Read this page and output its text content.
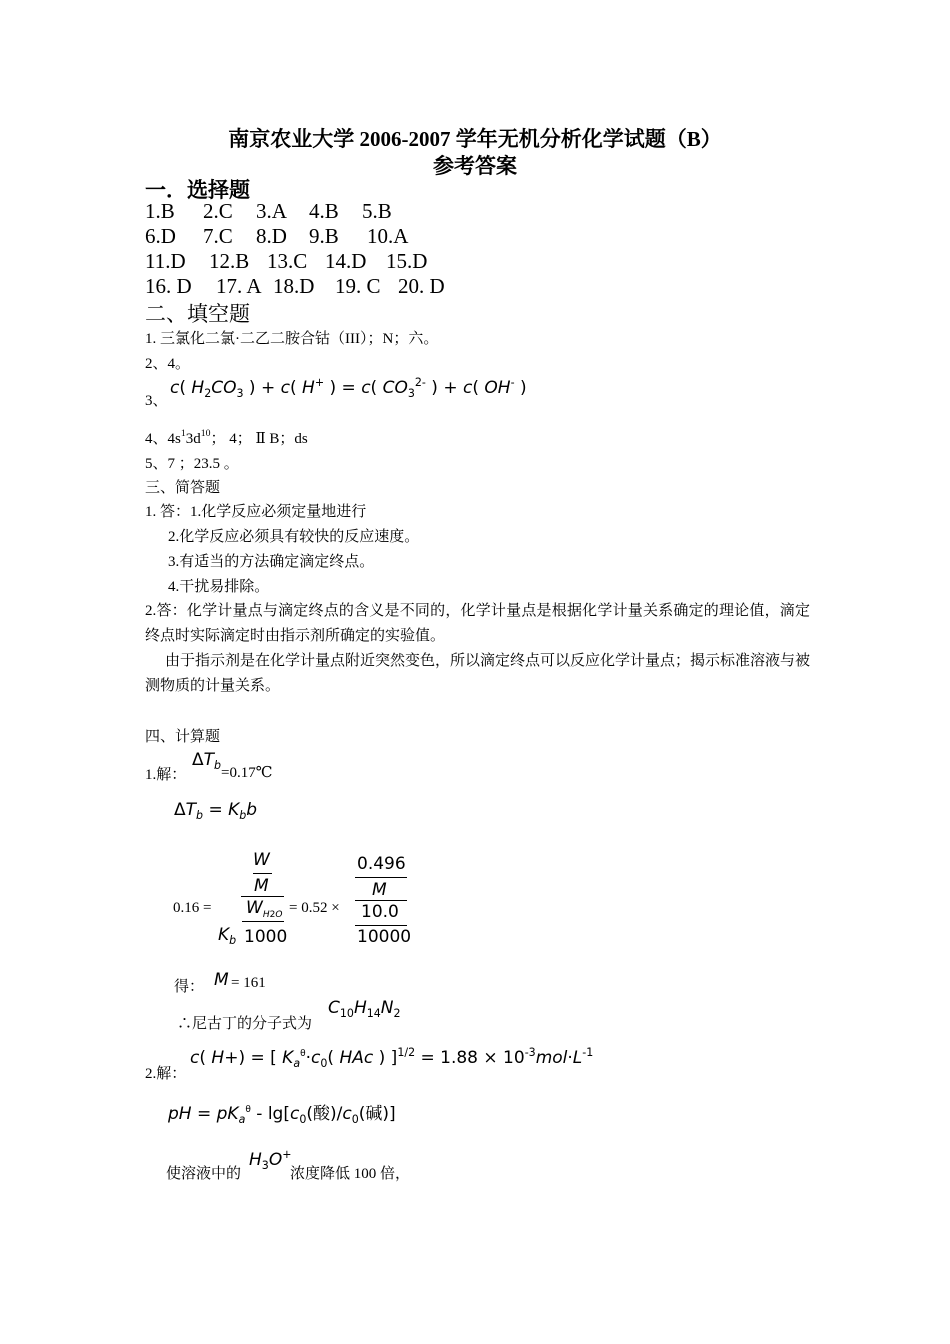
南京农业大学 2006-2007 学年无机分析化学试题（B）
参考答案
一．选择题
1.B 2.C 3.A 4.B 5.B
6.D 7.C 8.D 9.B 10.A
11.D 12.B 13.C 14.D 15.D
16. D 17. A 18.D 19. C 20. D
二、填空题
1. 三氯化二氯·二乙二胺合钴（III）；N；六。
2、4。
3、
c( $H_2CO_3$ ) + c( H+ ) = c( $CO_3^{2-}$ ) + c( OH- )
4、$4s^13d^{10}$； 4； Ⅱ B；ds
5、7 ；23.5 。
三、简答题
1. 答：1.化学反应必须定量地进行
2.化学反应必须具有较快的反应速度。
3.有适当的方法确定滴定终点。
4.干扰易排除。
2.答：化学计量点与滴定终点的含义是不同的，化学计量点是根据化学计量关系确定的理论值，滴定终点时实际滴定时由指示剂所确定的实验值。
由于指示剂是在化学计量点附近突然变色，所以滴定终点可以反应化学计量点；揭示标准溶液与被测物质的计量关系。
四、计算题
1.解：
$\Delta T_b$ =0.17℃
$\Delta T_b = K_bb$
0.16 =
W
M
$W_{H2O}$
$K_b$ 1000
= 0.52 ×
0.496
M
10.0
10000
得： M = 161
∴尼古丁的分子式为
$C_{10}H_{14}N_2$
2.解：
c( H+) = [ $K_a^\theta\cdot c_0$( HAc ) ]$^{1/2} = 1.88 \times 10^{-3}mol\cdot L^{-1}$
pH = $pK_a^\theta - \lg[c_0$(酸)$/c_0$(碱)]
使溶液中的
$H_3O^+$
浓度降低 100 倍，
